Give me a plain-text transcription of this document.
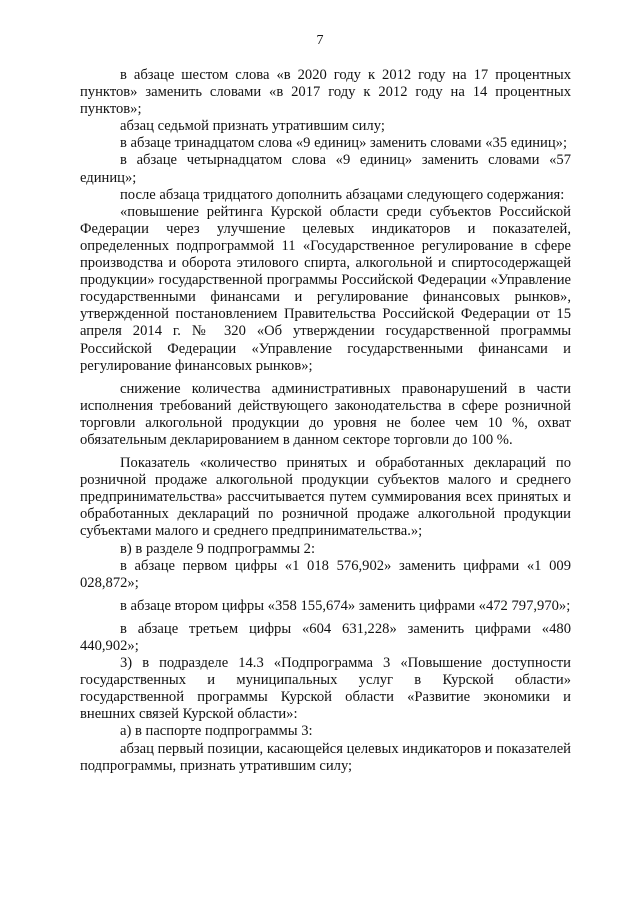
7

в абзаце шестом слова «в 2020 году к 2012 году на 17 процентных пунктов» заменить словами «в 2017 году к 2012 году на 14 процентных пунктов»;

абзац седьмой признать утратившим силу;

в абзаце тринадцатом слова «9 единиц» заменить словами «35 единиц»;

в абзаце четырнадцатом слова «9 единиц» заменить словами «57 единиц»;

после абзаца тридцатого дополнить абзацами следующего содержания:

«повышение рейтинга Курской области среди субъектов Российской Федерации через улучшение целевых индикаторов и показателей, определенных подпрограммой 11 «Государственное регулирование в сфере производства и оборота этилового спирта, алкогольной и спиртосодержащей продукции» государственной программы Российской Федерации «Управление государственными финансами и регулирование финансовых рынков», утвержденной постановлением Правительства Российской Федерации от 15 апреля 2014 г. № 320 «Об утверждении государственной программы Российской Федерации «Управление государственными финансами и регулирование финансовых рынков»;

снижение количества административных правонарушений в части исполнения требований действующего законодательства в сфере розничной торговли алкогольной продукции до уровня не более чем 10 %, охват обязательным декларированием в данном секторе торговли до 100 %.

Показатель «количество принятых и обработанных деклараций по розничной продаже алкогольной продукции субъектов малого и среднего предпринимательства» рассчитывается путем суммирования всех принятых и обработанных деклараций по розничной продаже алкогольной продукции субъектами малого и среднего предпринимательства.»;

в) в разделе 9 подпрограммы 2:

в абзаце первом цифры «1 018 576,902» заменить цифрами «1 009 028,872»;

в абзаце втором цифры «358 155,674» заменить цифрами «472 797,970»;

в абзаце третьем цифры «604 631,228» заменить цифрами «480 440,902»;

3) в подразделе 14.3 «Подпрограмма 3 «Повышение доступности государственных и муниципальных услуг в Курской области» государственной программы Курской области «Развитие экономики и внешних связей Курской области»:

а) в паспорте подпрограммы 3:

абзац первый позиции, касающейся целевых индикаторов и показателей подпрограммы, признать утратившим силу;
